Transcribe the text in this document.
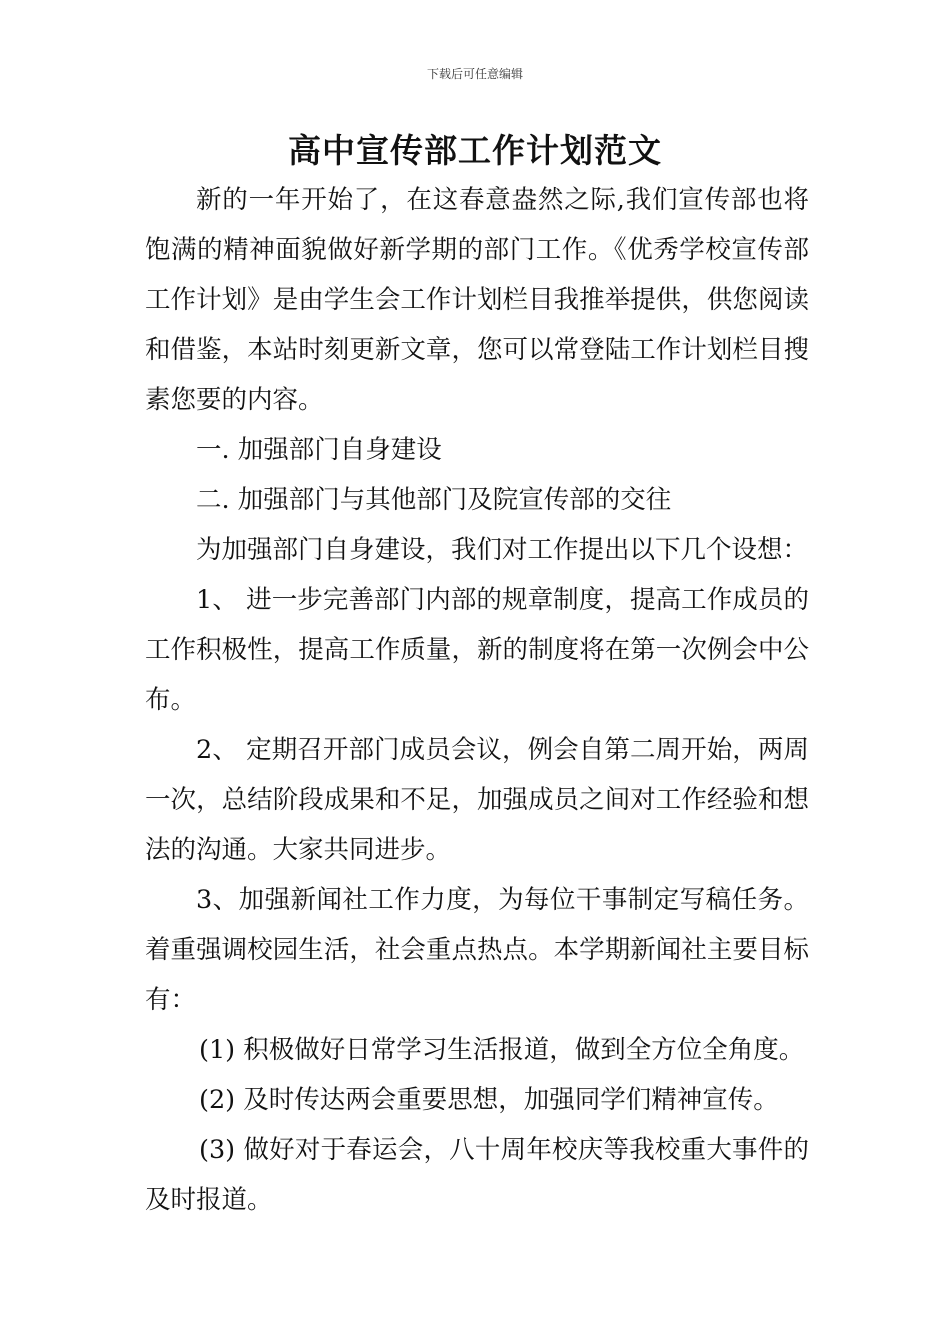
下载后可任意编辑
高中宣传部工作计划范文

新的一年开始了，在这春意盎然之际,我们宣传部也将饱满的精神面貌做好新学期的部门工作。《优秀学校宣传部工作计划》是由学生会工作计划栏目我推举提供，供您阅读和借鉴，本站时刻更新文章，您可以常登陆工作计划栏目搜素您要的内容。

一. 加强部门自身建设

二. 加强部门与其他部门及院宣传部的交往

为加强部门自身建设，我们对工作提出以下几个设想：

1、 进一步完善部门内部的规章制度，提高工作成员的工作积极性，提高工作质量，新的制度将在第一次例会中公布。

2、 定期召开部门成员会议，例会自第二周开始，两周一次，总结阶段成果和不足，加强成员之间对工作经验和想法的沟通。大家共同进步。

3、加强新闻社工作力度，为每位干事制定写稿任务。着重强调校园生活，社会重点热点。本学期新闻社主要目标有：

(1) 积极做好日常学习生活报道，做到全方位全角度。

(2) 及时传达两会重要思想，加强同学们精神宣传。

(3) 做好对于春运会，八十周年校庆等我校重大事件的及时报道。
